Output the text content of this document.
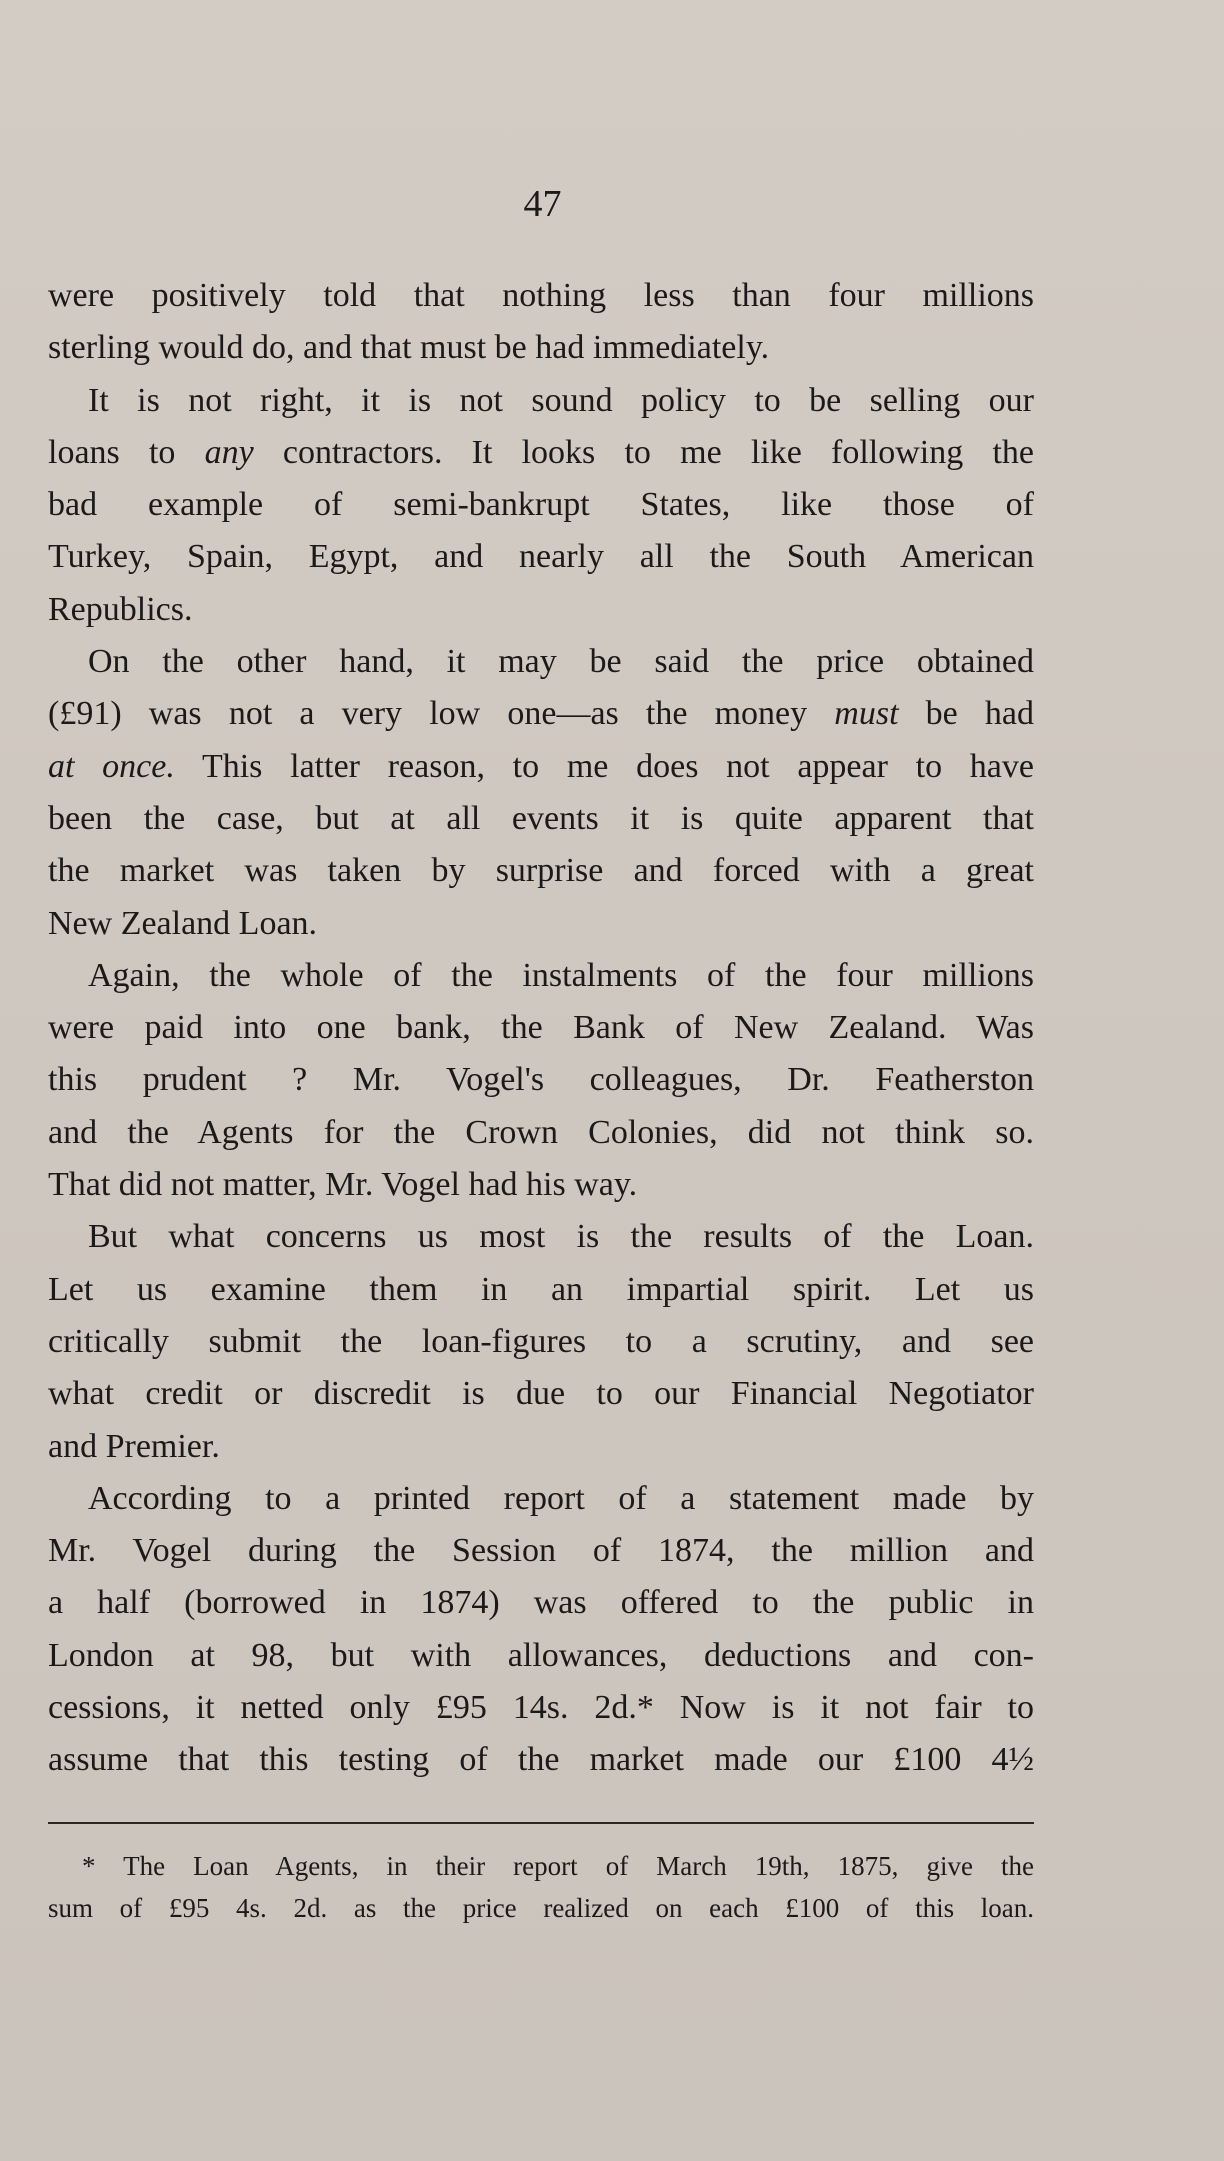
47
were positively told that nothing less than four millions
sterling would do, and that must be had immediately.
It is not right, it is not sound policy to be selling our
loans to any contractors. It looks to me like following the
bad example of semi-bankrupt States, like those of
Turkey, Spain, Egypt, and nearly all the South American
Republics.
On the other hand, it may be said the price obtained
(£91) was not a very low one—as the money must be had
at once. This latter reason, to me does not appear to have
been the case, but at all events it is quite apparent that
the market was taken by surprise and forced with a great
New Zealand Loan.
Again, the whole of the instalments of the four millions
were paid into one bank, the Bank of New Zealand. Was
this prudent ? Mr. Vogel's colleagues, Dr. Featherston
and the Agents for the Crown Colonies, did not think so.
That did not matter, Mr. Vogel had his way.
But what concerns us most is the results of the Loan.
Let us examine them in an impartial spirit. Let us
critically submit the loan-figures to a scrutiny, and see
what credit or discredit is due to our Financial Negotiator
and Premier.
According to a printed report of a statement made by
Mr. Vogel during the Session of 1874, the million and
a half (borrowed in 1874) was offered to the public in
London at 98, but with allowances, deductions and con-
cessions, it netted only £95 14s. 2d.* Now is it not fair to
assume that this testing of the market made our £100 4½
* The Loan Agents, in their report of March 19th, 1875, give the
sum of £95 4s. 2d. as the price realized on each £100 of this loan.
